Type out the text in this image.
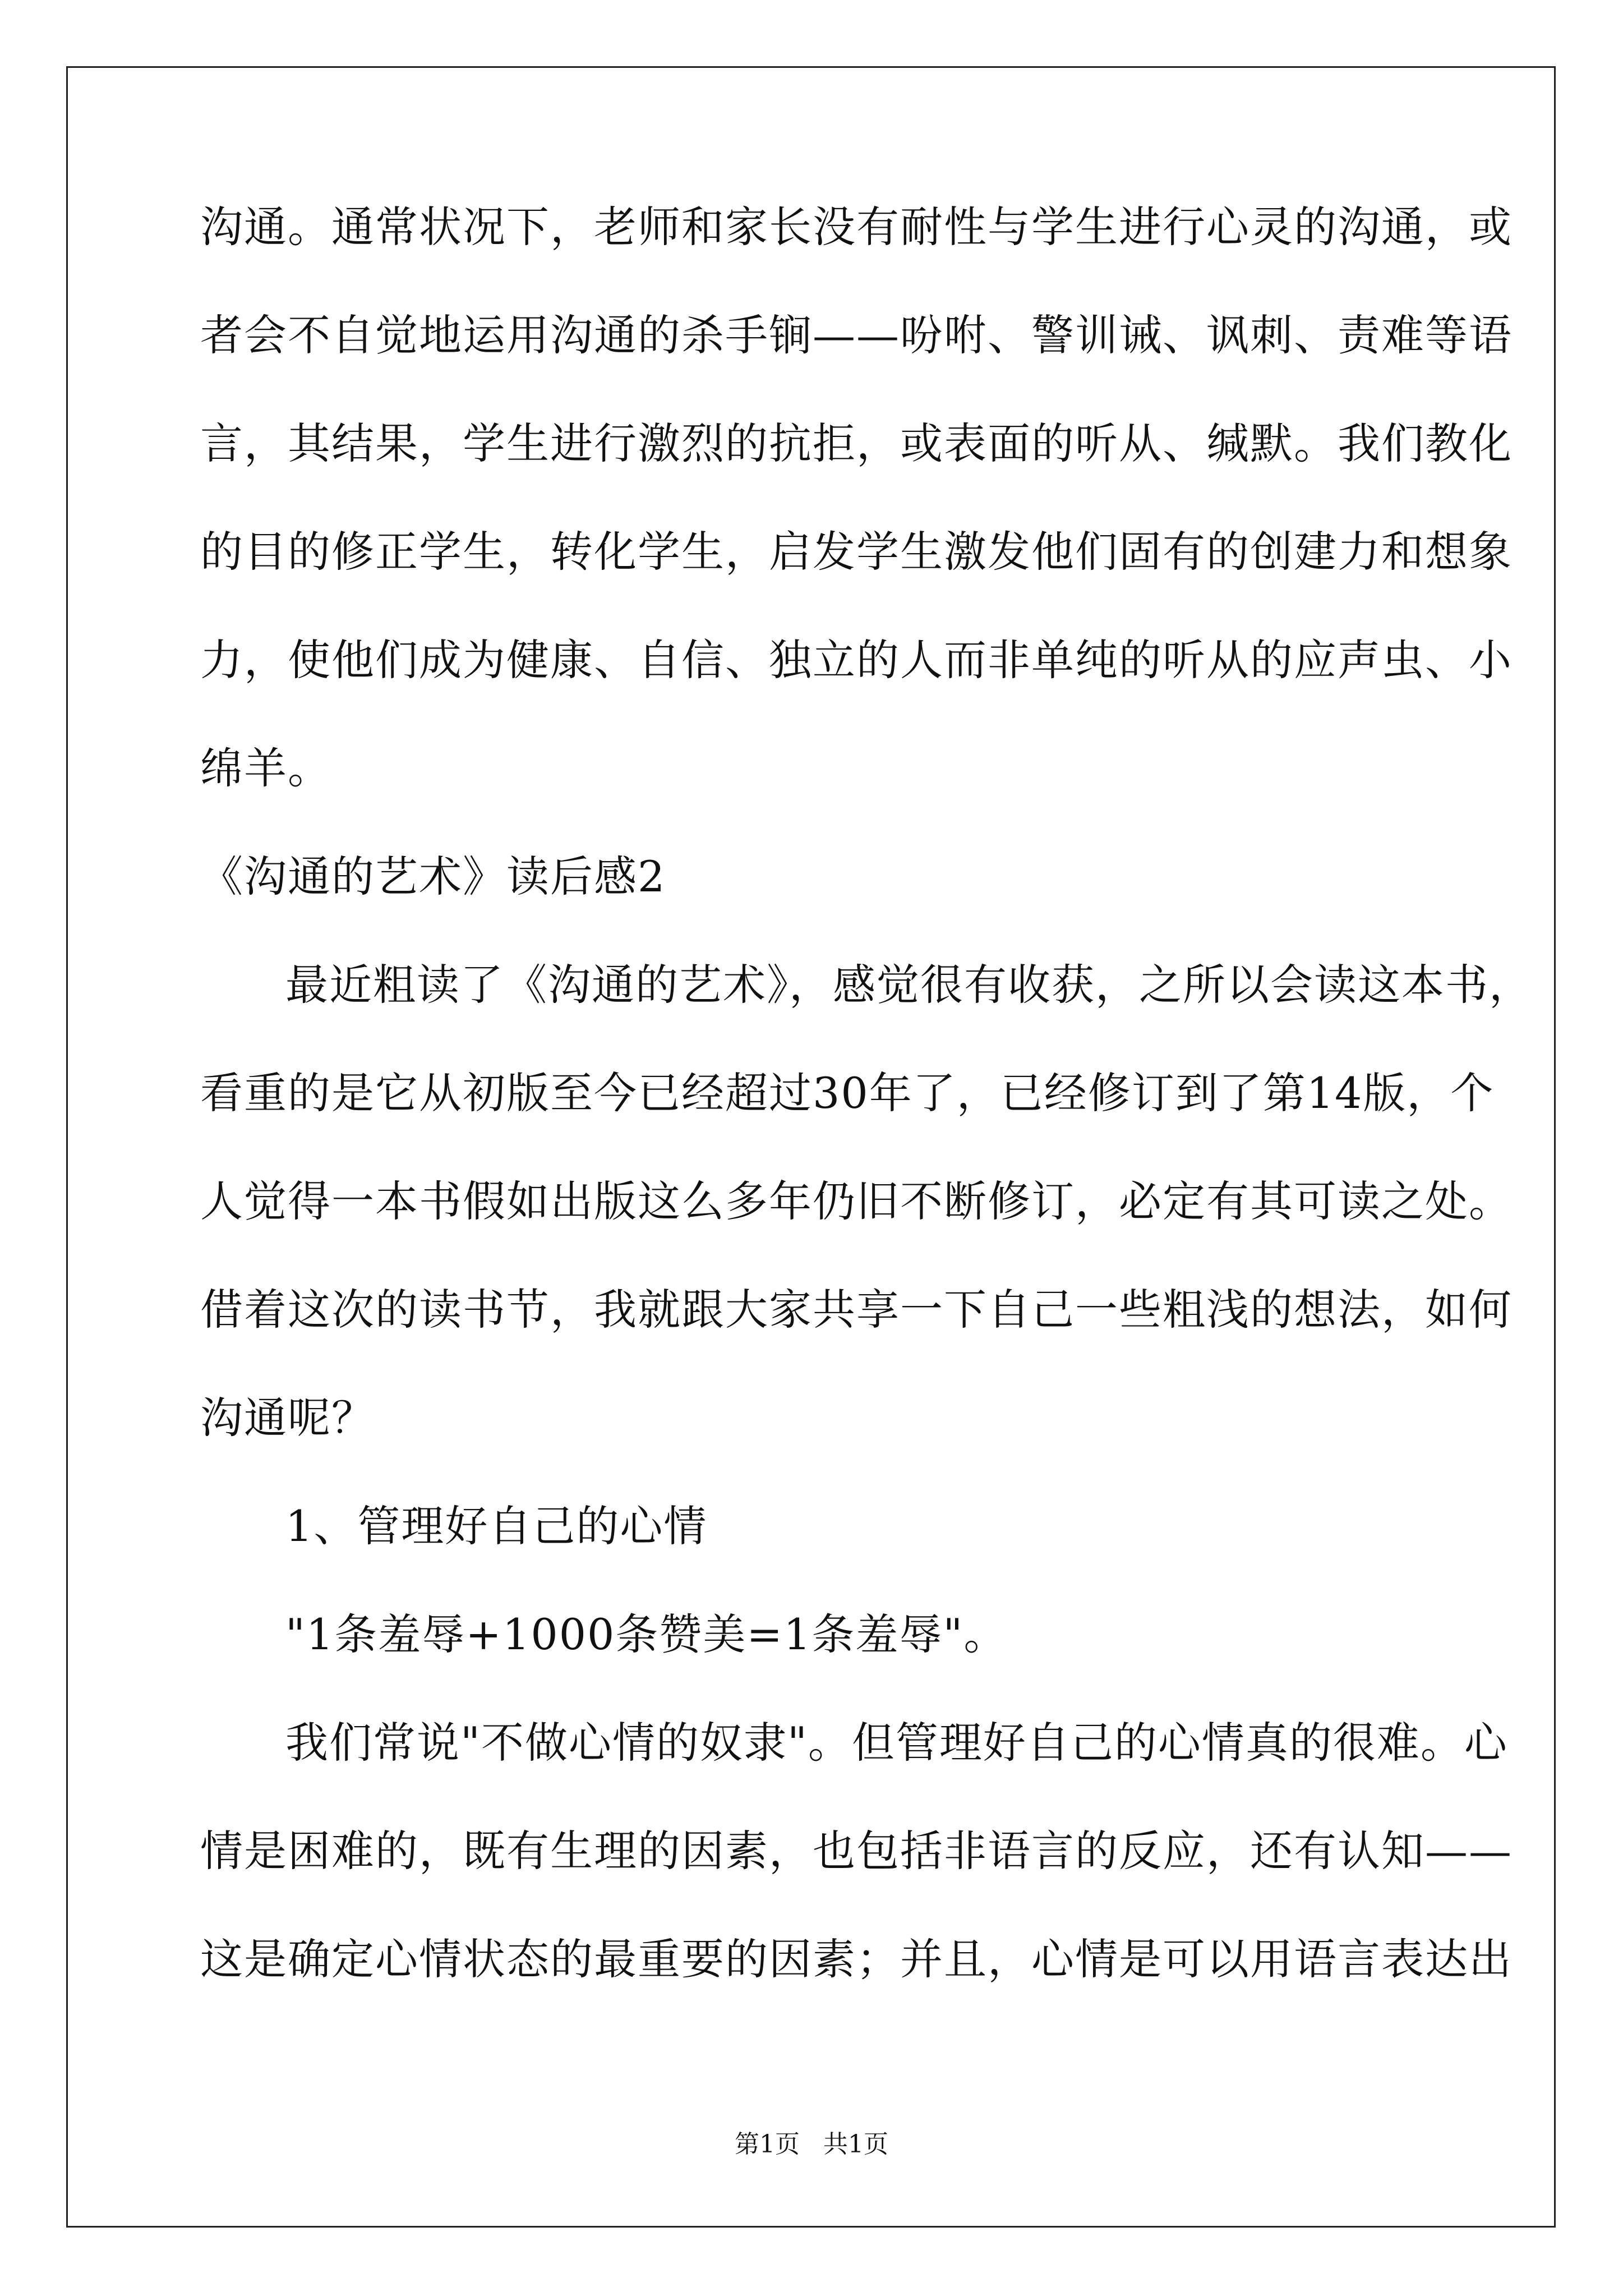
沟通。通常状况下，老师和家长没有耐性与学生进行心灵的沟通，或
者会不自觉地运用沟通的杀手锏——吩咐、警训诫、讽刺、责难等语
言，其结果，学生进行激烈的抗拒，或表面的听从、缄默。我们教化
的目的修正学生，转化学生，启发学生激发他们固有的创建力和想象
力，使他们成为健康、自信、独立的人而非单纯的听从的应声虫、小
绵羊。
《沟通的艺术》读后感2
最近粗读了《沟通的艺术》，感觉很有收获，之所以会读这本书，
看重的是它从初版至今已经超过30年了，已经修订到了第14版，个
人觉得一本书假如出版这么多年仍旧不断修订，必定有其可读之处。
借着这次的读书节，我就跟大家共享一下自己一些粗浅的想法，如何
沟通呢？
1、管理好自己的心情
"1条羞辱+1000条赞美=1条羞辱"。
我们常说"不做心情的奴隶"。但管理好自己的心情真的很难。心
情是困难的，既有生理的因素，也包括非语言的反应，还有认知——
这是确定心情状态的最重要的因素；并且，心情是可以用语言表达出
第1页 共1页
